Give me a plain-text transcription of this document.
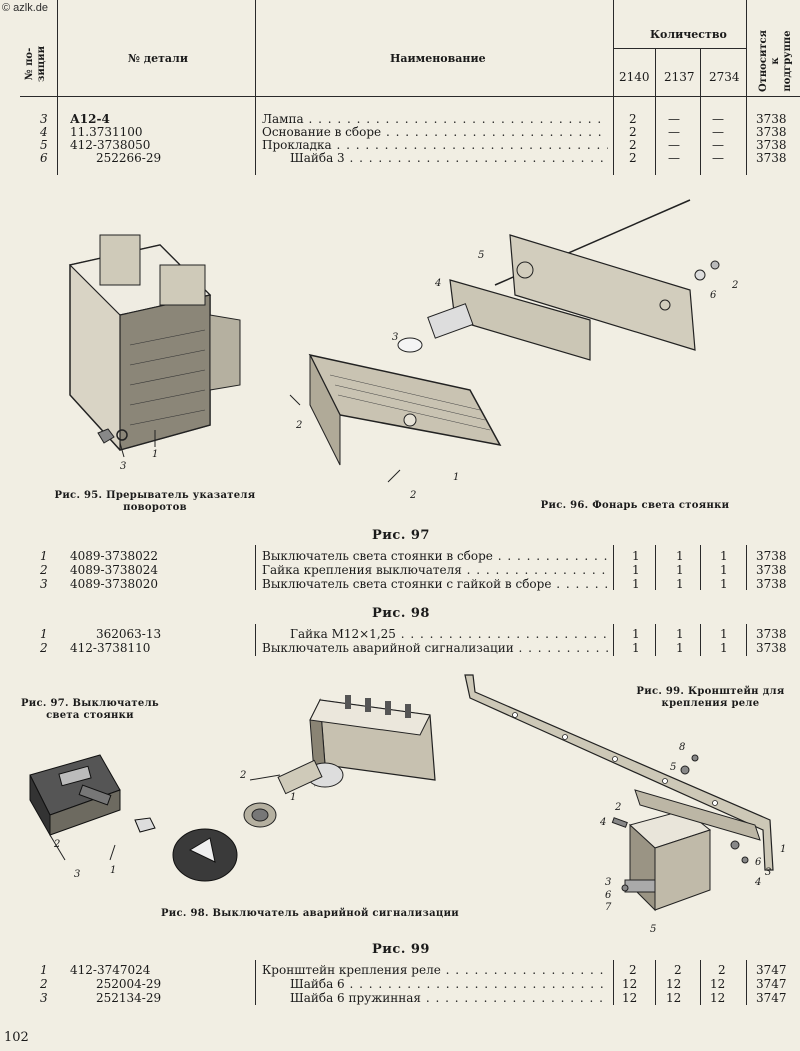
© azlk.de
№ по-
зиции	№ детали	Наименование
Количество
2140 2137 2734 Относится
к подгруппе
3 А12-4	Лампа . . .	2	—	—	3738
4 11.3731100	Основание в сборе . . .	2	—	—	3738
5 412-3738050	Прокладка . . .	2	—	—	3738
6	252266-29	Шайба 3 . . .	2	—	—	3738
3
1
Рис. 95. Прерыватель указателя поворотов
5
4
3
6
2
2
1
2
Рис. 96. Фонарь света стоянки
Рис. 97
1 4089-3738022	Выключатель света стоянки в сборе . . .	1	1	1 3738
2 4089-3738024	Гайка крепления выключателя . . .	1	1	1 3738
3 4089-3738020	Выключатель света стоянки с гайкой в сборе . . .	1	1	1 3738
Рис. 98
1	362063-13	Гайка М12×1,25 . . .	1	1	1 3738
2 412-3738110	Выключатель аварийной сигнализации . . .	1	1	1 3738
Рис. 97. Выключатель света стоянки
2
1
3
2
1
Рис. 98. Выключатель аварийной сигнализации
Рис. 99. Кронштейн для крепления реле
8
5
2
4
3
6
7
5
6
3
4
1
Рис. 99
1 412-3747024	Кронштейн крепления реле . . .	2	2	2	3747
2	252004-29	Шайба 6 . . .	12 12 12	3747
3	252134-29	Шайба 6 пружинная . . .	12 12 12	3747
102
